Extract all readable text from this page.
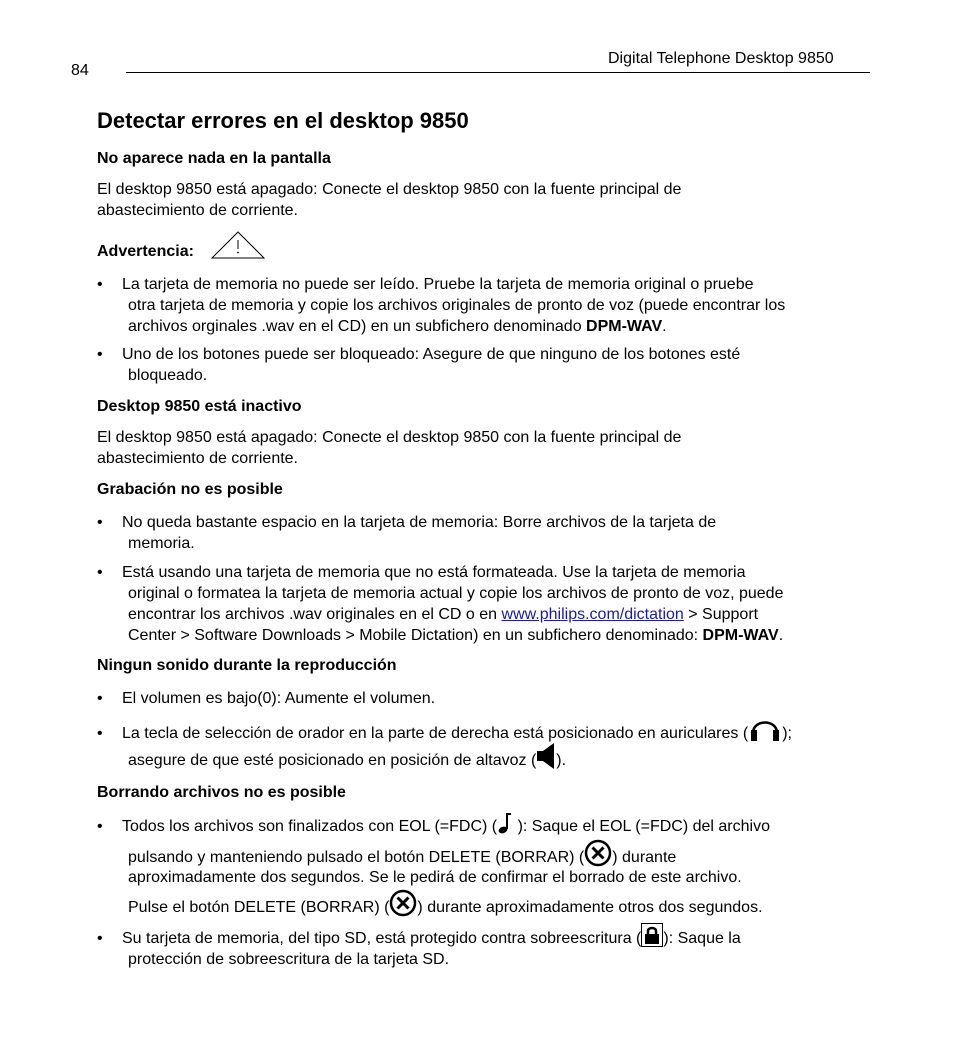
84
Digital Telephone Desktop 9850
Detectar errores en el desktop 9850
No aparece nada en la pantalla
El desktop 9850 está apagado: Conecte el desktop 9850 con la fuente principal de
abastecimiento de corriente.
Advertencia:
• La tarjeta de memoria no puede ser leído. Pruebe la tarjeta de memoria original o pruebe
otra tarjeta de memoria y copie los archivos originales de pronto de voz (puede encontrar los
archivos orginales .wav en el CD) en un subfichero denominado DPM-WAV.
• Uno de los botones puede ser bloqueado: Asegure de que ninguno de los botones esté
bloqueado.
Desktop 9850 está inactivo
El desktop 9850 está apagado: Conecte el desktop 9850 con la fuente principal de
abastecimiento de corriente.
Grabación no es posible
• No queda bastante espacio en la tarjeta de memoria: Borre archivos de la tarjeta de
memoria.
• Está usando una tarjeta de memoria que no está formateada. Use la tarjeta de memoria
original o formatea la tarjeta de memoria actual y copie los archivos de pronto de voz, puede
encontrar los archivos .wav originales en el CD o en www.philips.com/dictation > Support
Center > Software Downloads > Mobile Dictation) en un subfichero denominado: DPM-WAV.
Ningun sonido durante la reproducción
• El volumen es bajo(0): Aumente el volumen.
• La tecla de selección de orador en la parte de derecha está posicionado en auriculares ( );
asegure de que esté posicionado en posición de altavoz ( ).
Borrando archivos no es posible
• Todos los archivos son finalizados con EOL (=FDC) ( ): Saque el EOL (=FDC) del archivo
pulsando y manteniendo pulsado el botón DELETE (BORRAR) ( ) durante
aproximadamente dos segundos. Se le pedirá de confirmar el borrado de este archivo.
Pulse el botón DELETE (BORRAR) ( ) durante aproximadamente otros dos segundos.
• Su tarjeta de memoria, del tipo SD, está protegido contra sobreescritura ( ): Saque la
protección de sobreescritura de la tarjeta SD.
